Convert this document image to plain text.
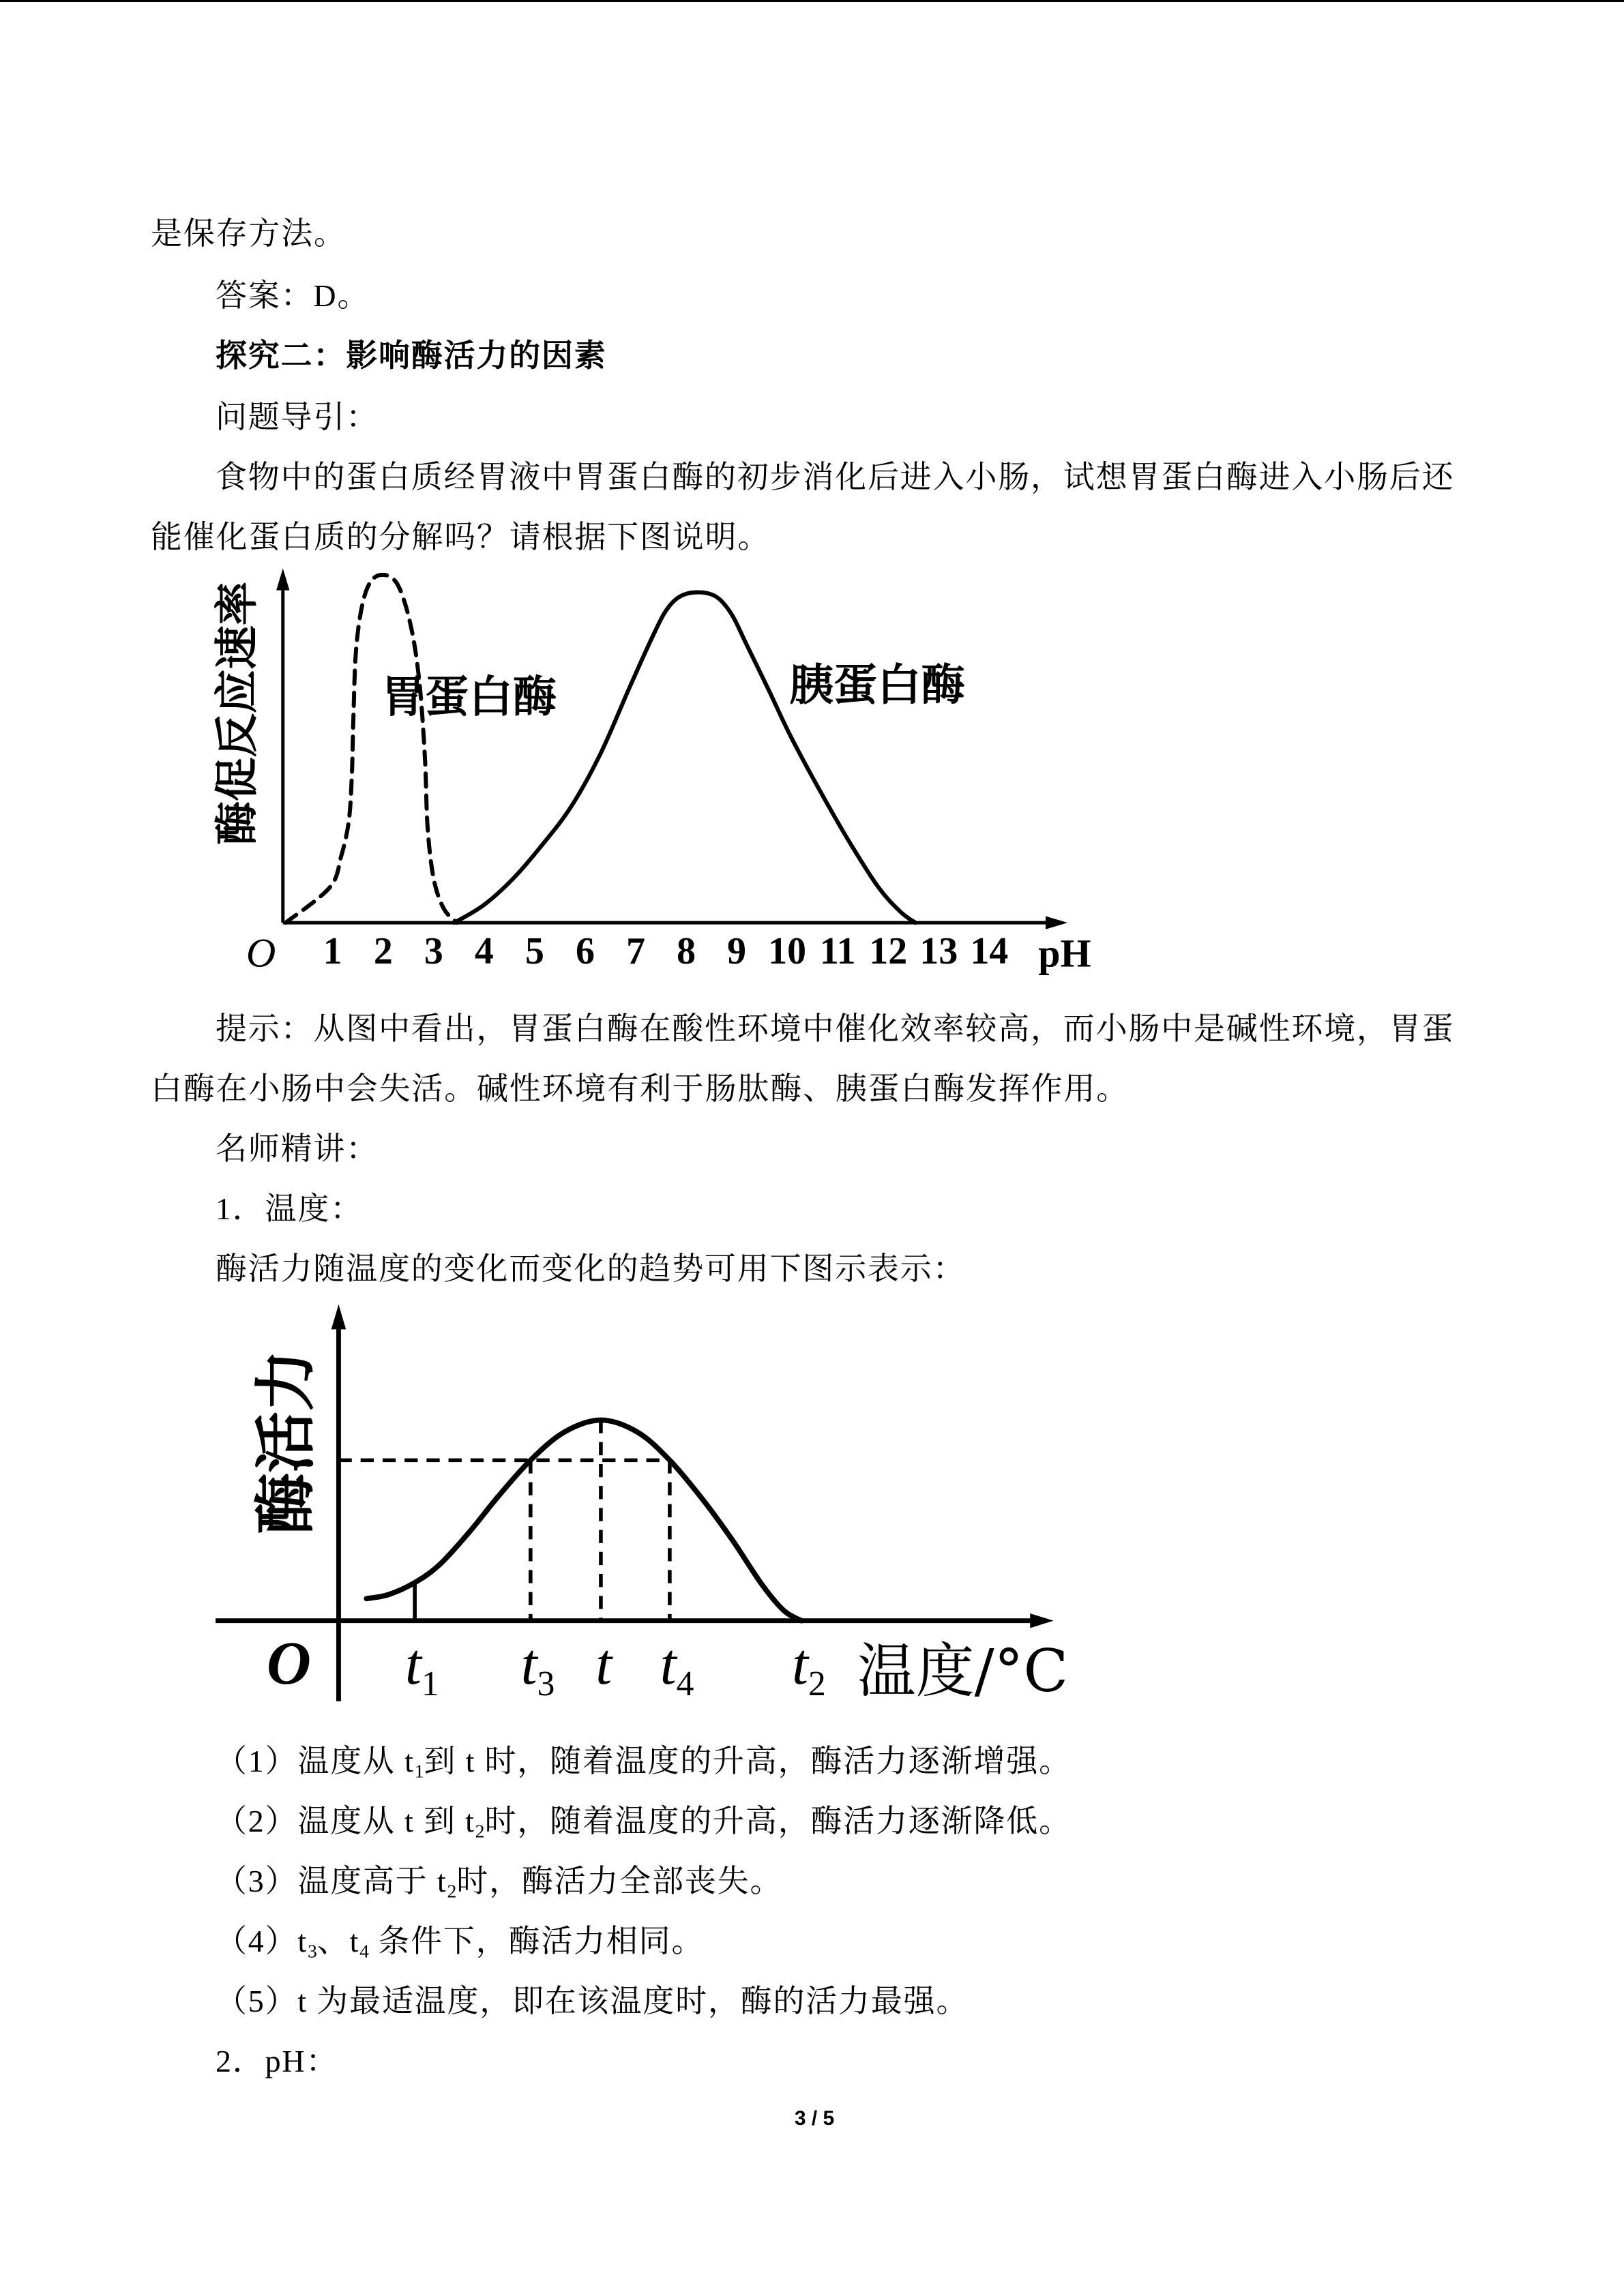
是保存方法。
答案：D。
探究二：影响酶活力的因素
问题导引：
食物中的蛋白质经胃液中胃蛋白酶的初步消化后进入小肠，试想胃蛋白酶进入小肠后还
能催化蛋白质的分解吗？请根据下图说明。
酶促反应速率
pH
O	1 2 3 4 5 6 7 8 9 10 11 12 13 14
胃蛋白酶	胰蛋白酶
提示：从图中看出，胃蛋白酶在酸性环境中催化效率较高，而小肠中是碱性环境，胃蛋
白酶在小肠中会失活。碱性环境有利于肠肽酶、胰蛋白酶发挥作用。
名师精讲：
1．温度：
酶活力随温度的变化而变化的趋势可用下图示表示：
酶活力
温度/°C
O	$t_1$	$t_3$ t $t_4$	$t_2$
（1）温度从 $t_1$到 t 时，随着温度的升高，酶活力逐渐增强。
（2）温度从 t 到 $t_2$时，随着温度的升高，酶活力逐渐降低。
（3）温度高于 $t_2$时，酶活力全部丧失。
$(4)t_3$、$t_4$ 条件下，酶活力相同。
（5）t 为最适温度，即在该温度时，酶的活力最强。
2．pH：
3 / 5
